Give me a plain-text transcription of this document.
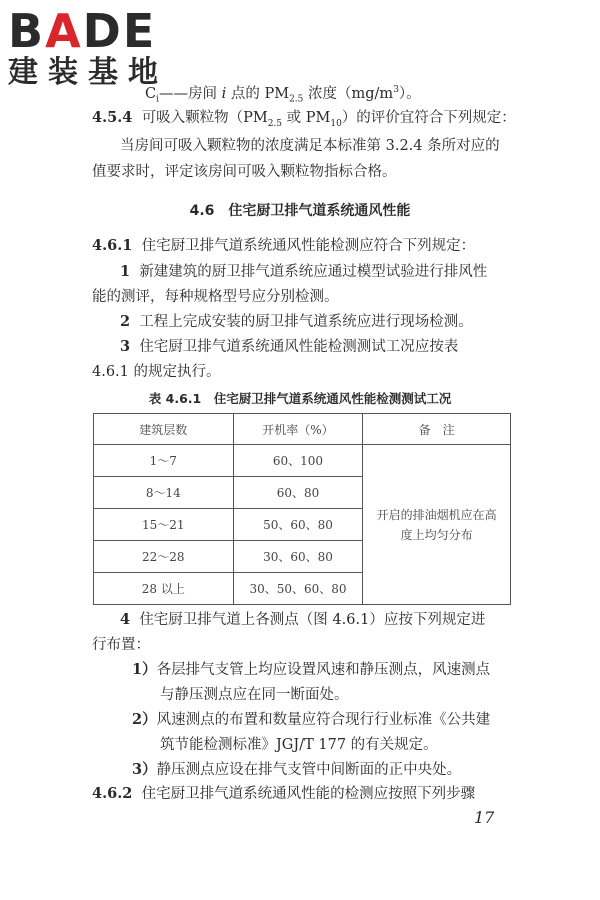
BADE
建装基地
$C_i——$房间 i 点的 $PM_{2.5}$ 浓度$(mg/m^3)$。
4.5.4 可吸入颗粒物（$PM_{2.5}$ 或 $PM_{10}$）的评价宜符合下列规定：
当房间可吸入颗粒物的浓度满足本标准第 3.2.4 条所对应的
值要求时，评定该房间可吸入颗粒物指标合格。
4.6　住宅厨卫排气道系统通风性能
4.6.1 住宅厨卫排气道系统通风性能检测应符合下列规定：
1 新建建筑的厨卫排气道系统应通过模型试验进行排风性
能的测评，每种规格型号应分别检测。
2 工程上完成安装的厨卫排气道系统应进行现场检测。
3 住宅厨卫排气道系统通风性能检测测试工况应按表
4.6.1 的规定执行。
表 4.6.1　住宅厨卫排气道系统通风性能检测测试工况
建筑层数	开机率（%）	备　注
1～7	60、100	开启的排油烟机应在高
度上均匀分布
8～14	60、80	
15～21	50、60、80	
22～28	30、60、80	
28 以上	30、50、60、80	
4 住宅厨卫排气道上各测点（图 4.6.1）应按下列规定进
行布置：
1）各层排气支管上均应设置风速和静压测点，风速测点
与静压测点应在同一断面处。
2）风速测点的布置和数量应符合现行行业标准《公共建
筑节能检测标准》JGJ/T 177 的有关规定。
3）静压测点应设在排气支管中间断面的正中央处。
4.6.2 住宅厨卫排气道系统通风性能的检测应按照下列步骤
17
